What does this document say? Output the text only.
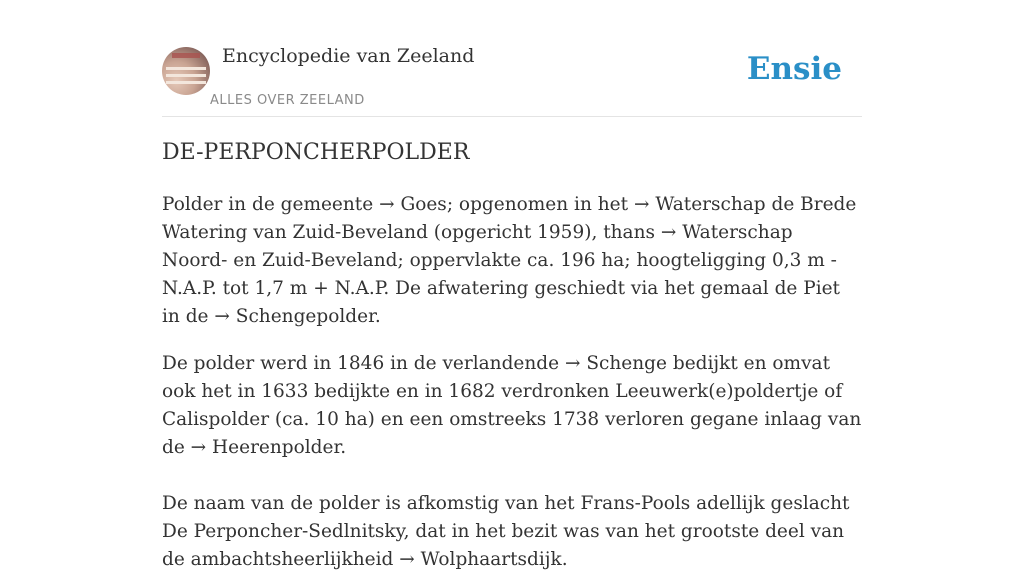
Encyclopedie van Zeeland
ALLES OVER ZEELAND
Ensie
DE-PERPONCHERPOLDER

Polder in de gemeente → Goes; opgenomen in het → Waterschap de Brede Watering van Zuid-Beveland (opgericht 1959), thans → Waterschap Noord- en Zuid-Beveland; oppervlakte ca. 196 ha; hoogteligging 0,3 m - N.A.P. tot 1,7 m + N.A.P. De afwatering geschiedt via het gemaal de Piet in de → Schengepolder.

De polder werd in 1846 in de verlandende → Schenge bedijkt en omvat ook het in 1633 bedijkte en in 1682 verdronken Leeuwerk(e)poldertje of Calispolder (ca. 10 ha) en een omstreeks 1738 verloren gegane inlaag van de → Heerenpolder.

De naam van de polder is afkomstig van het Frans-Pools adellijk geslacht De Perponcher-Sedlnitsky, dat in het bezit was van het grootste deel van de ambachtsheerlijkheid → Wolphaartsdijk.
